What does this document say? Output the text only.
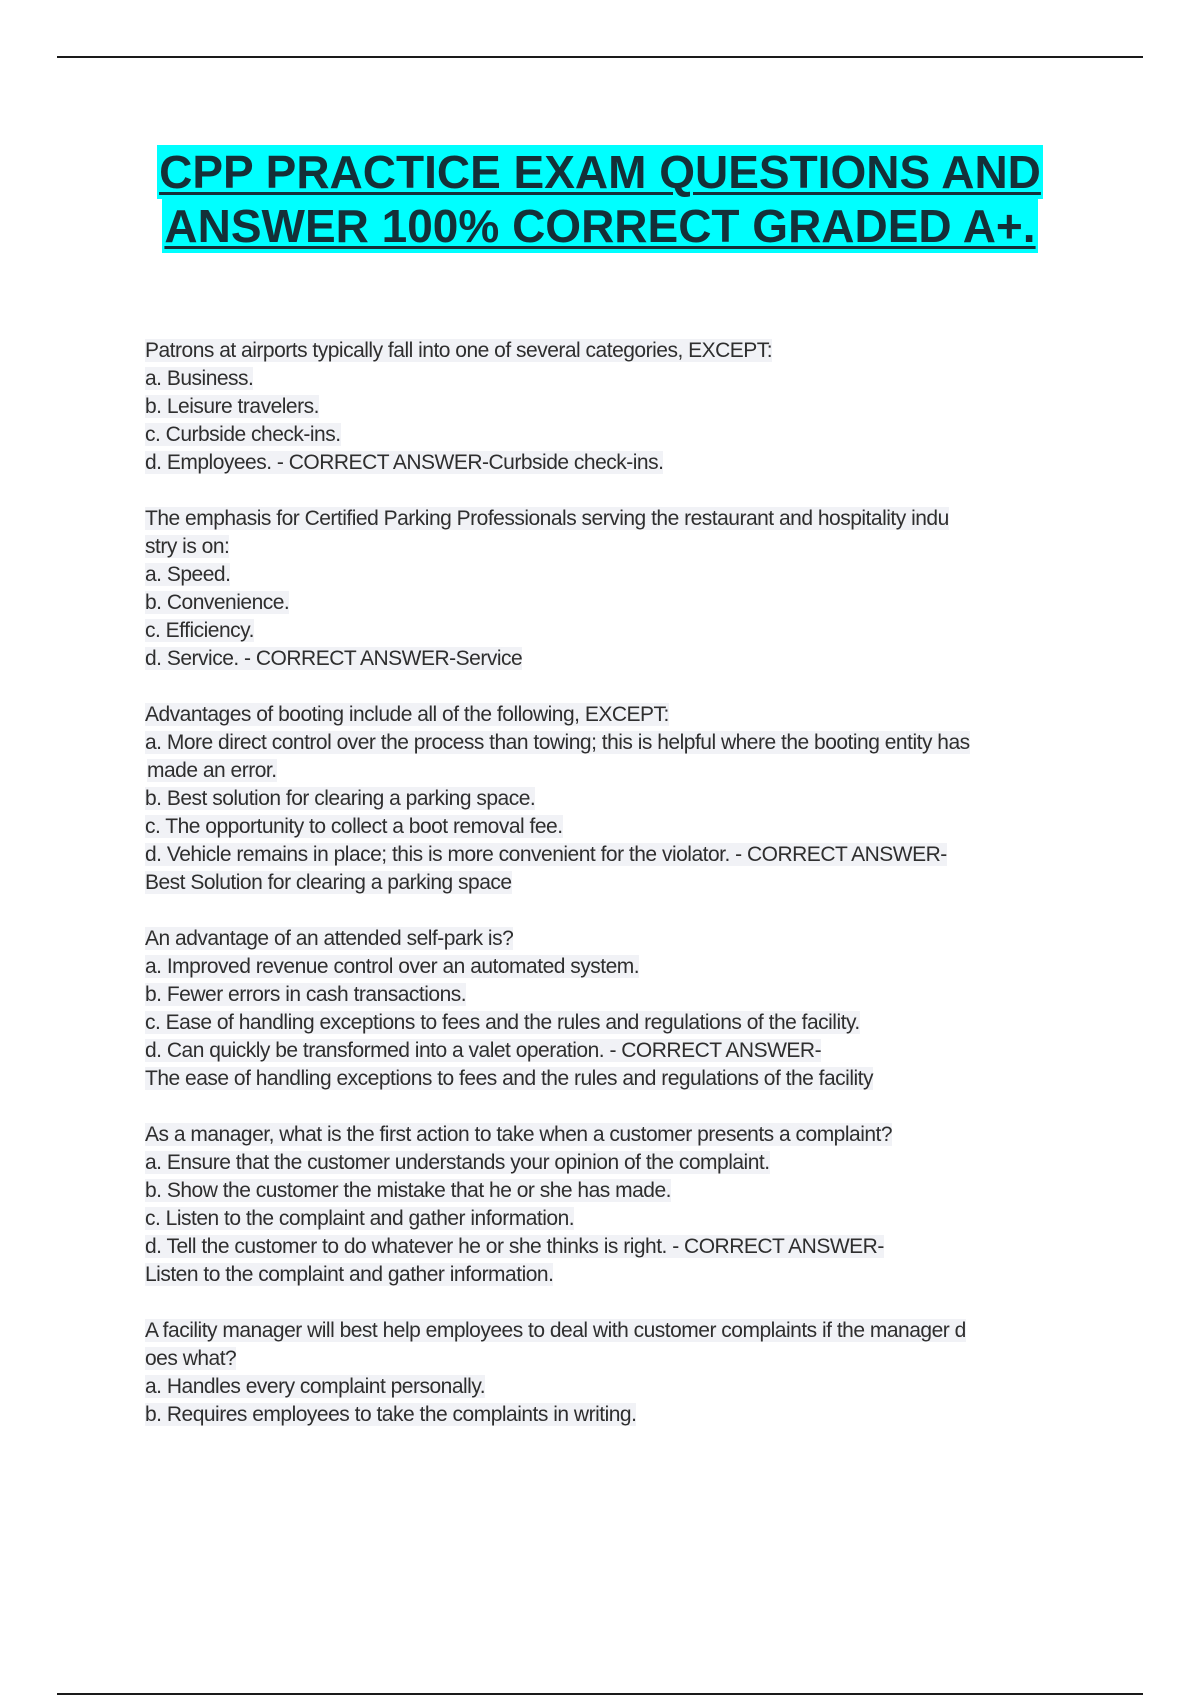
CPP PRACTICE EXAM QUESTIONS AND
ANSWER 100% CORRECT GRADED A+.
Patrons at airports typically fall into one of several categories, EXCEPT:
a. Business.
b. Leisure travelers.
c. Curbside check-ins.
d. Employees. - CORRECT ANSWER-Curbside check-ins.
The emphasis for Certified Parking Professionals serving the restaurant and hospitality indu
stry is on:
a. Speed.
b. Convenience.
c. Efficiency.
d. Service. - CORRECT ANSWER-Service
Advantages of booting include all of the following, EXCEPT:
a. More direct control over the process than towing; this is helpful where the booting entity has
made an error.
b. Best solution for clearing a parking space.
c. The opportunity to collect a boot removal fee.
d. Vehicle remains in place; this is more convenient for the violator. - CORRECT ANSWER-
Best Solution for clearing a parking space
An advantage of an attended self-park is?
a. Improved revenue control over an automated system.
b. Fewer errors in cash transactions.
c. Ease of handling exceptions to fees and the rules and regulations of the facility.
d. Can quickly be transformed into a valet operation. - CORRECT ANSWER-
The ease of handling exceptions to fees and the rules and regulations of the facility
As a manager, what is the first action to take when a customer presents a complaint?
a. Ensure that the customer understands your opinion of the complaint.
b. Show the customer the mistake that he or she has made.
c. Listen to the complaint and gather information.
d. Tell the customer to do whatever he or she thinks is right. - CORRECT ANSWER-
Listen to the complaint and gather information.
A facility manager will best help employees to deal with customer complaints if the manager d
oes what?
a. Handles every complaint personally.
b. Requires employees to take the complaints in writing.
